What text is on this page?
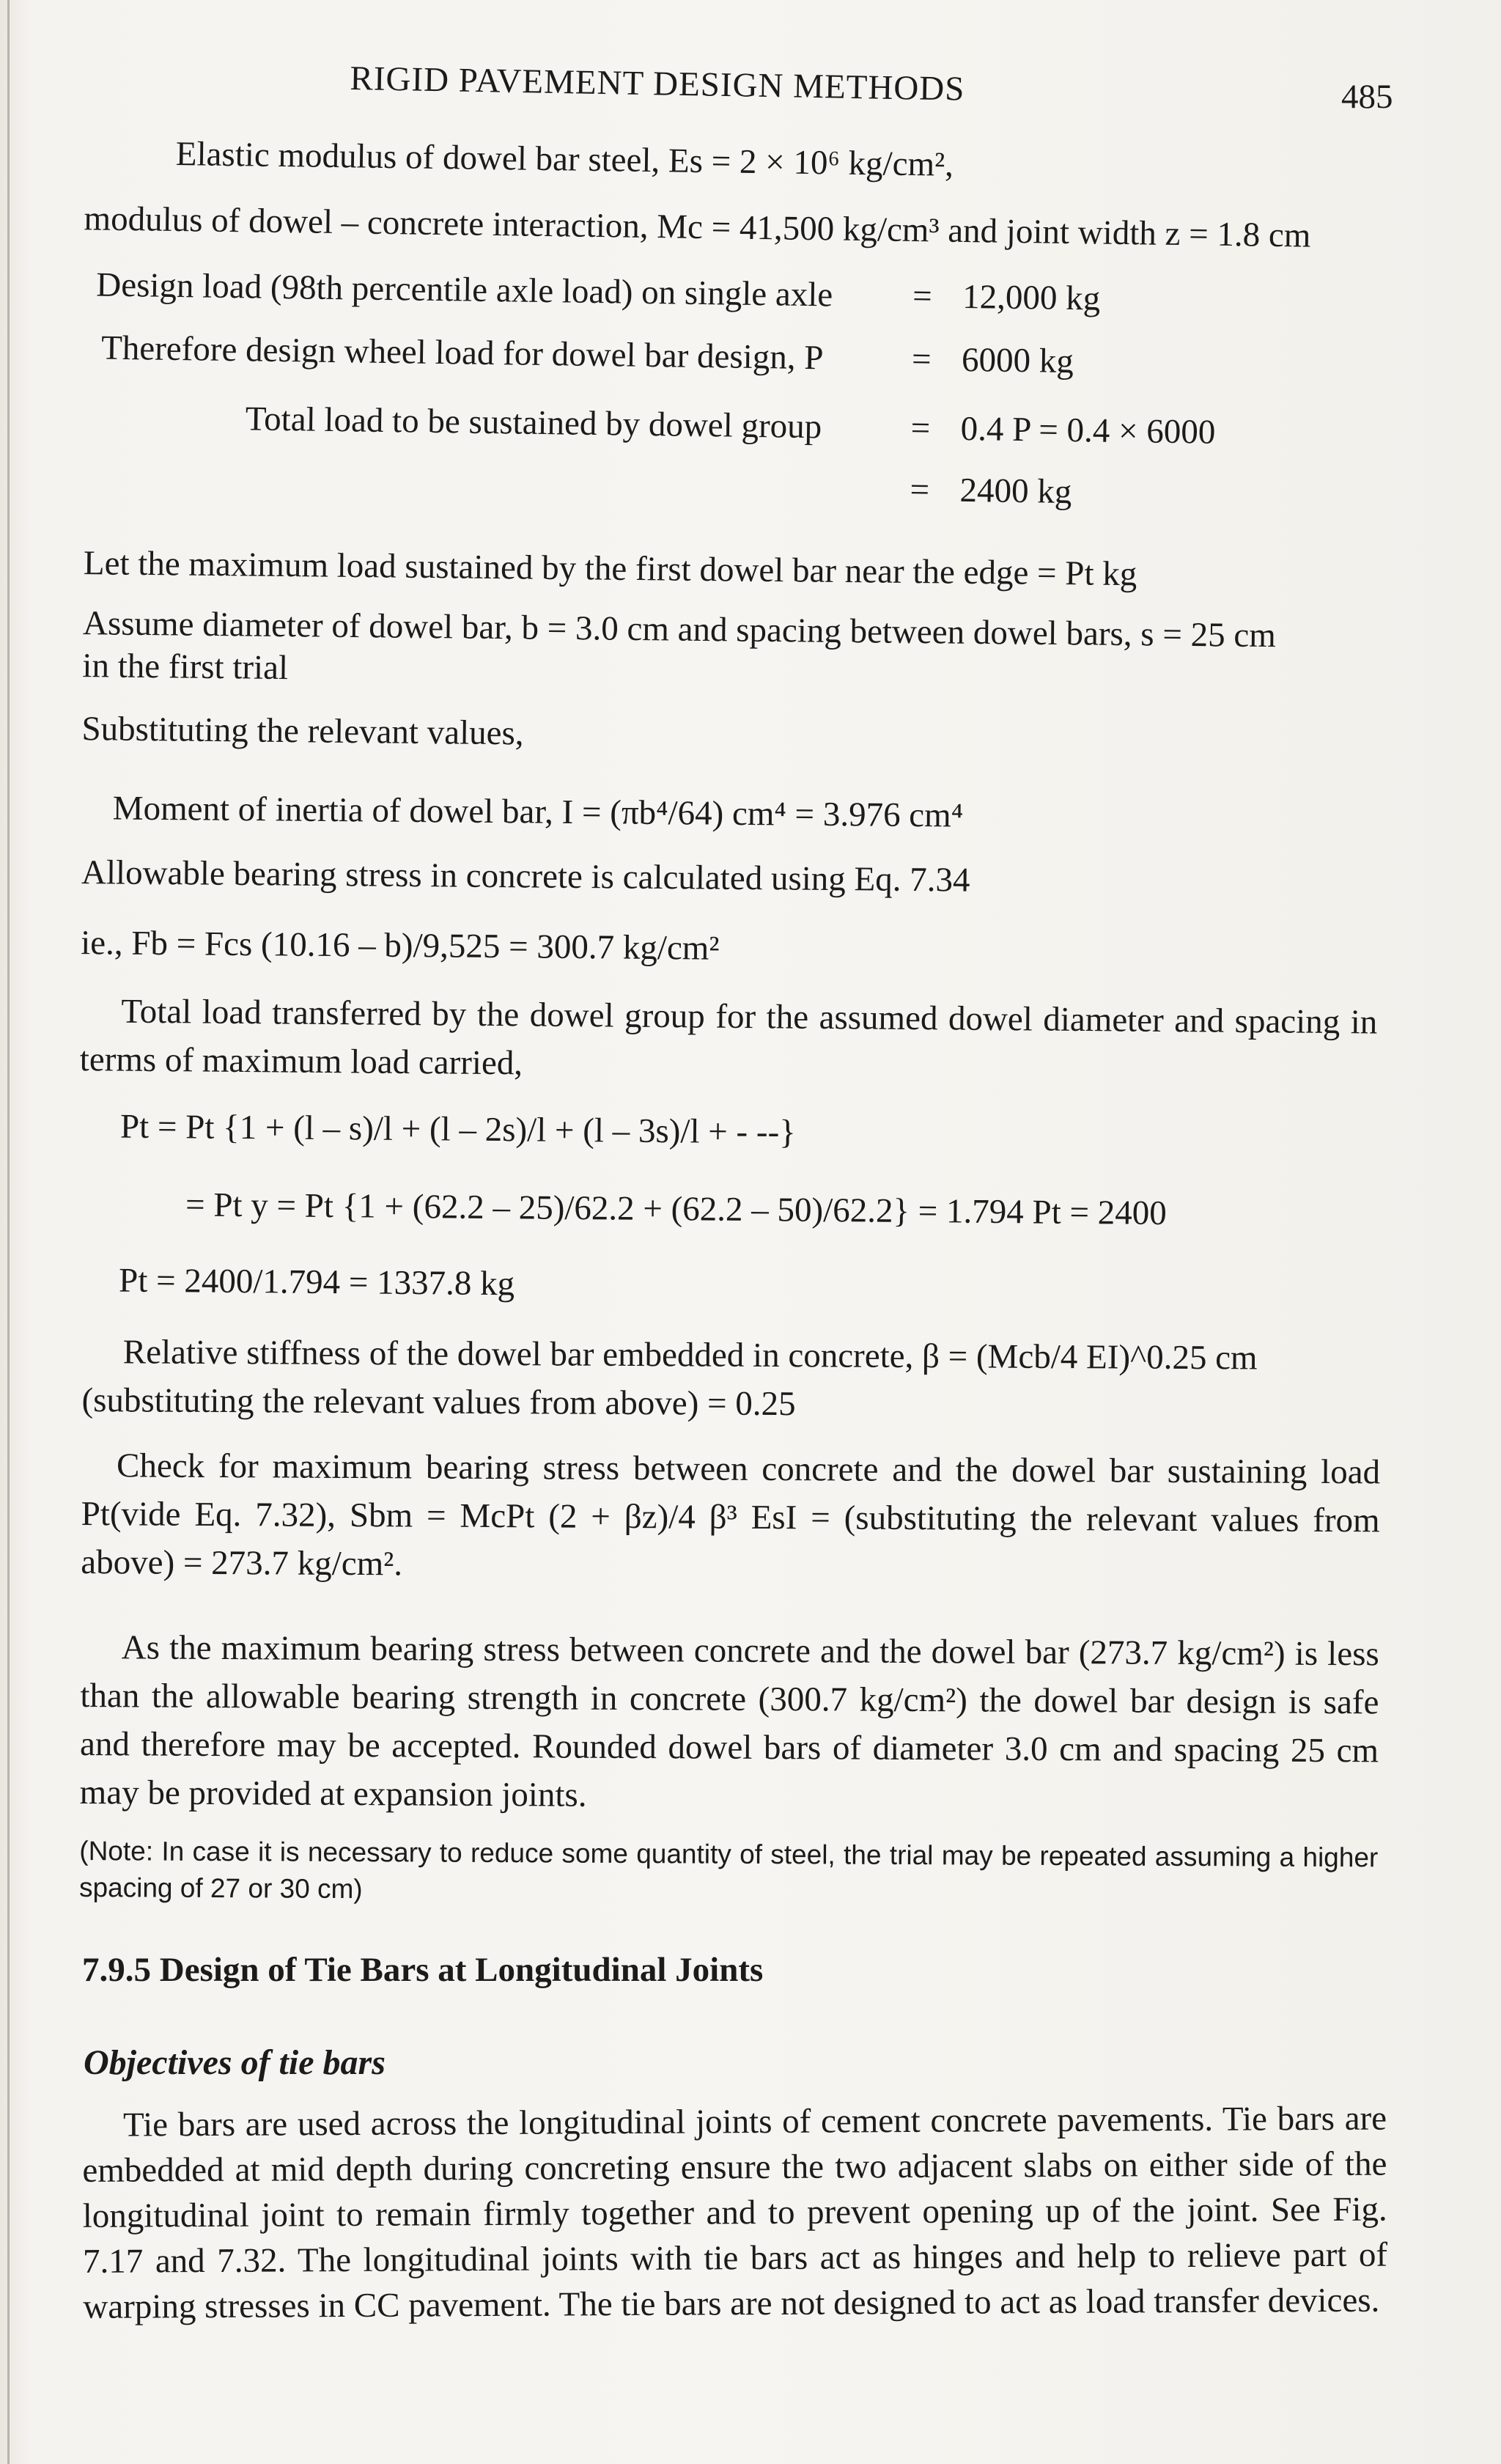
RIGID PAVEMENT DESIGN METHODS	485
Elastic modulus of dowel bar steel, Es = 2 × 10⁶ kg/cm²,
modulus of dowel – concrete interaction, Mc = 41,500 kg/cm³ and joint width z = 1.8 cm
Design load (98th percentile axle load) on single axle = 12,000 kg
Therefore design wheel load for dowel bar design, P	= 6000 kg
Total load to be sustained by dowel group	= 0.4 P = 0.4 × 6000
= 2400 kg
Let the maximum load sustained by the first dowel bar near the edge = Pt kg
Assume diameter of dowel bar, b = 3.0 cm and spacing between dowel bars, s = 25 cm
in the first trial
Substituting the relevant values,
Moment of inertia of dowel bar, I = (πb⁴/64) cm⁴ = 3.976 cm⁴
Allowable bearing stress in concrete is calculated using Eq. 7.34
ie., Fb = Fcs (10.16 – b)/9,525 = 300.7 kg/cm²
Total load transferred by the dowel group for the assumed dowel diameter and spacing in terms of maximum load carried,
Pt = Pt {1 + (l – s)/l + (l – 2s)/l + (l – 3s)/l + - --}
= Pt y = Pt {1 + (62.2 – 25)/62.2 + (62.2 – 50)/62.2} = 1.794 Pt = 2400
Pt = 2400/1.794 = 1337.8 kg
Relative stiffness of the dowel bar embedded in concrete, β = (Mcb/4 EI)^0.25 cm
(substituting the relevant values from above) = 0.25
Check for maximum bearing stress between concrete and the dowel bar sustaining load Pt(vide Eq. 7.32), Sbm = McPt (2 + βz)/4 β³ EsI = (substituting the relevant values from above) = 273.7 kg/cm².
As the maximum bearing stress between concrete and the dowel bar (273.7 kg/cm²) is less than the allowable bearing strength in concrete (300.7 kg/cm²) the dowel bar design is safe and therefore may be accepted. Rounded dowel bars of diameter 3.0 cm and spacing 25 cm may be provided at expansion joints.
(Note: In case it is necessary to reduce some quantity of steel, the trial may be repeated assuming a higher spacing of 27 or 30 cm)
7.9.5 Design of Tie Bars at Longitudinal Joints
Objectives of tie bars
Tie bars are used across the longitudinal joints of cement concrete pavements. Tie bars are embedded at mid depth during concreting ensure the two adjacent slabs on either side of the longitudinal joint to remain firmly together and to prevent opening up of the joint. See Fig. 7.17 and 7.32. The longitudinal joints with tie bars act as hinges and help to relieve part of warping stresses in CC pavement. The tie bars are not designed to act as load transfer devices.
